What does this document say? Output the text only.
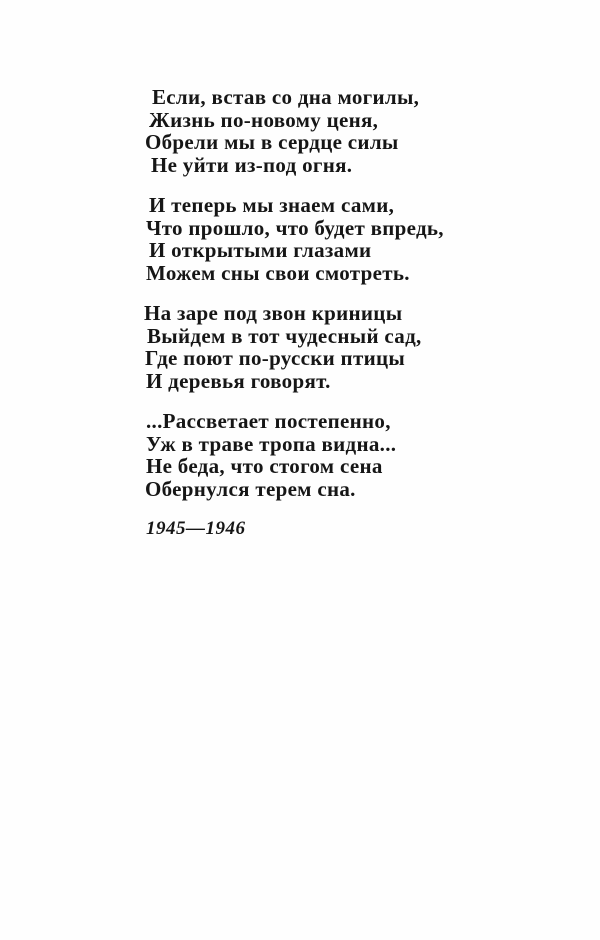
Если, встав со дна могилы,

Жизнь по-новому ценя,

Обрели мы в сердце силы

Не уйти из-под огня.

И теперь мы знаем сами,

Что прошло, что будет впредь,

И открытыми глазами

Можем сны свои смотреть.

На заре под звон криницы

Выйдем в тот чудесный сад,

Где поют по-русски птицы

И деревья говорят.

...Рассветает постепенно,

Уж в траве тропа видна...

Не беда, что стогом сена

Обернулся терем сна.

1945—1946
